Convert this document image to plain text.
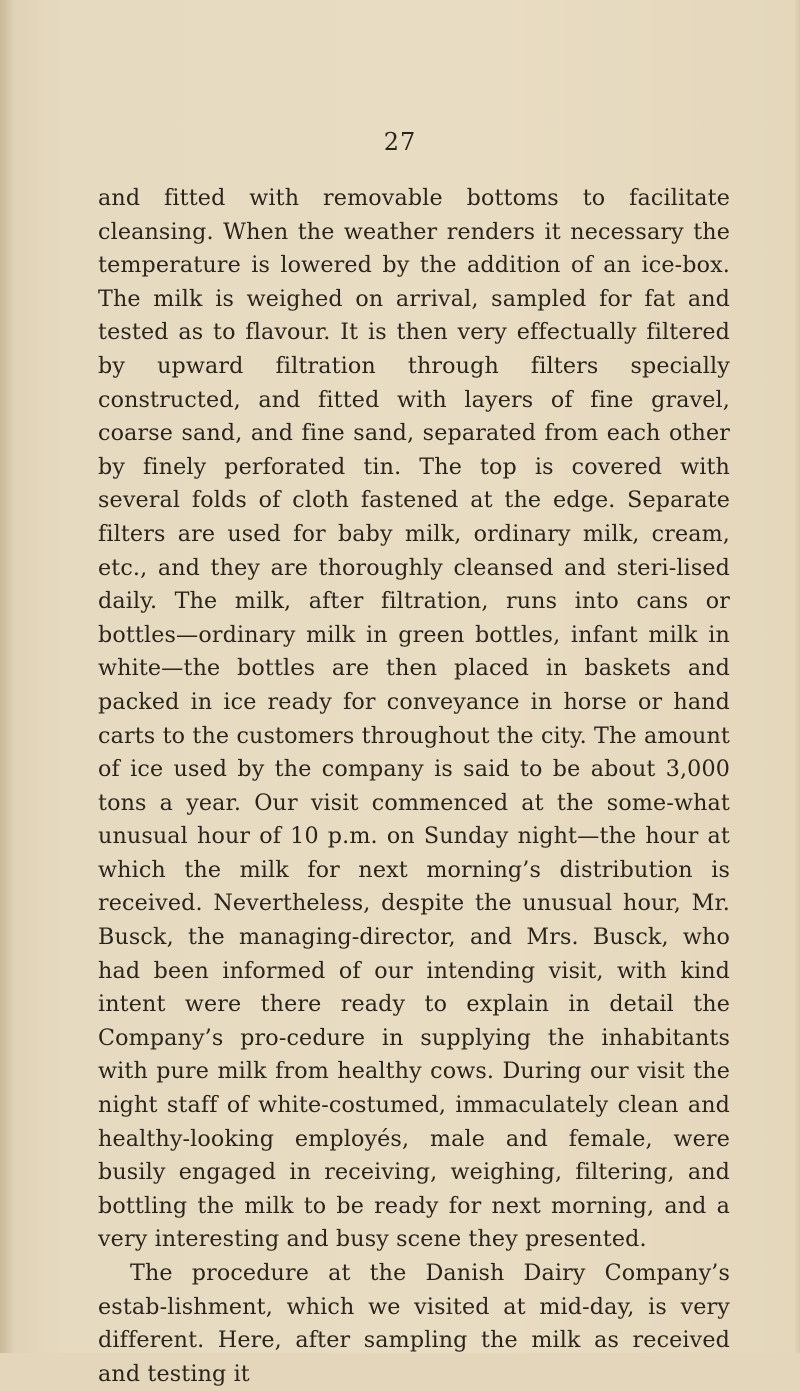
27

and fitted with removable bottoms to facilitate cleansing. When the weather renders it necessary the temperature is lowered by the addition of an ice-box. The milk is weighed on arrival, sampled for fat and tested as to flavour. It is then very effectually filtered by upward filtration through filters specially constructed, and fitted with layers of fine gravel, coarse sand, and fine sand, separated from each other by finely perforated tin. The top is covered with several folds of cloth fastened at the edge. Separate filters are used for baby milk, ordinary milk, cream, etc., and they are thoroughly cleansed and steri-lised daily. The milk, after filtration, runs into cans or bottles—ordinary milk in green bottles, infant milk in white—the bottles are then placed in baskets and packed in ice ready for conveyance in horse or hand carts to the customers throughout the city. The amount of ice used by the company is said to be about 3,000 tons a year. Our visit commenced at the some-what unusual hour of 10 p.m. on Sunday night—the hour at which the milk for next morning’s distribution is received. Nevertheless, despite the unusual hour, Mr. Busck, the managing-director, and Mrs. Busck, who had been informed of our intending visit, with kind intent were there ready to explain in detail the Company’s pro-cedure in supplying the inhabitants with pure milk from healthy cows. During our visit the night staff of white-costumed, immaculately clean and healthy-looking employés, male and female, were busily engaged in receiving, weighing, filtering, and bottling the milk to be ready for next morning, and a very interesting and busy scene they presented.

The procedure at the Danish Dairy Company’s estab-lishment, which we visited at mid-day, is very different. Here, after sampling the milk as received and testing it
